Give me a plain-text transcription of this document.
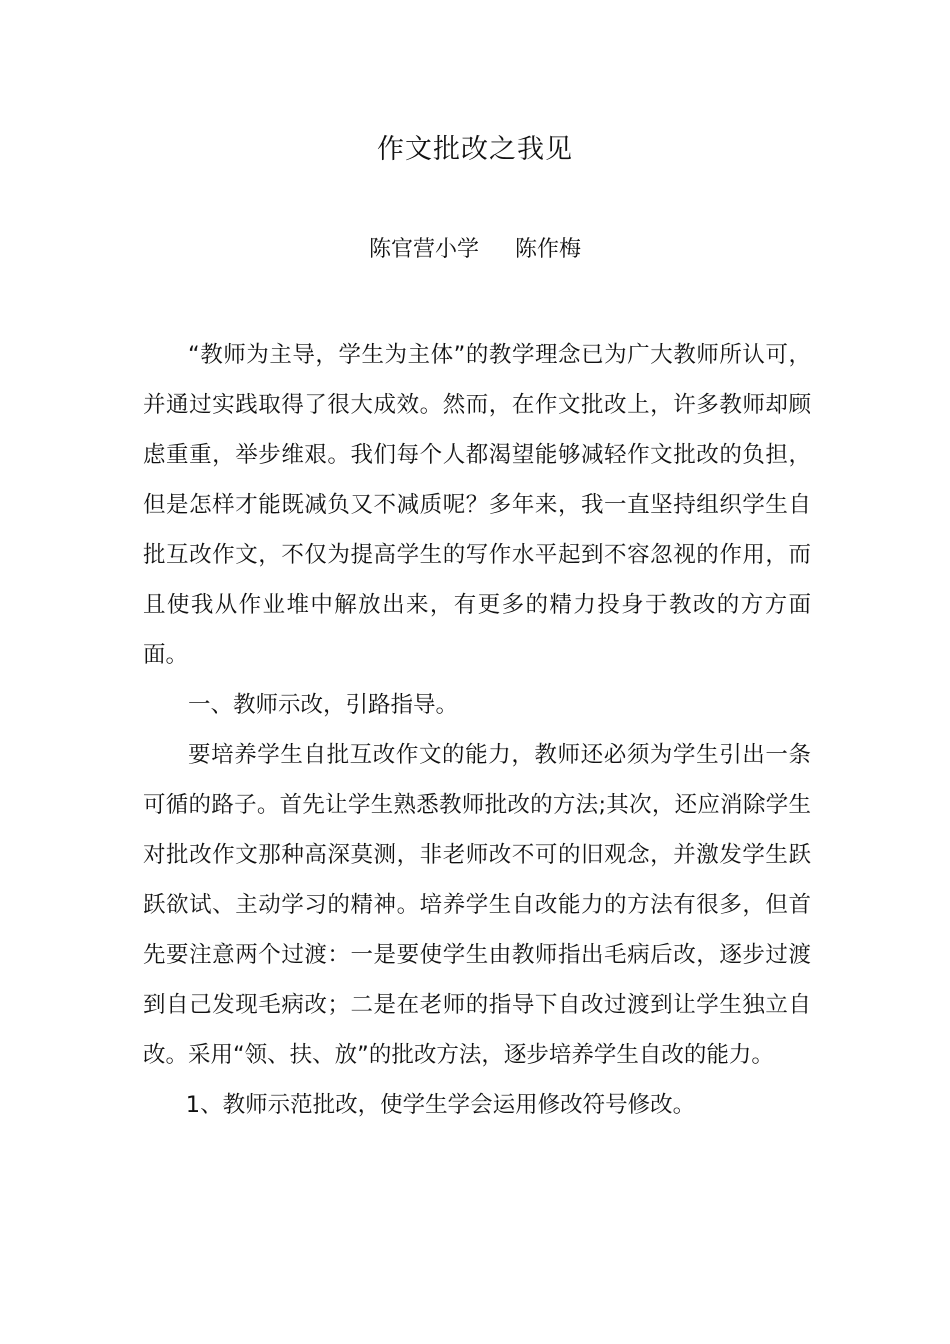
作文批改之我见
陈官营小学 陈作梅

“教师为主导，学生为主体”的教学理念已为广大教师所认可，并通过实践取得了很大成效。然而，在作文批改上，许多教师却顾虑重重，举步维艰。我们每个人都渴望能够减轻作文批改的负担，但是怎样才能既减负又不减质呢？多年来，我一直坚持组织学生自批互改作文，不仅为提高学生的写作水平起到不容忽视的作用，而且使我从作业堆中解放出来，有更多的精力投身于教改的方方面面。

一、教师示改，引路指导。

要培养学生自批互改作文的能力，教师还必须为学生引出一条可循的路子。首先让学生熟悉教师批改的方法;其次，还应消除学生对批改作文那种高深莫测，非老师改不可的旧观念，并激发学生跃跃欲试、主动学习的精神。培养学生自改能力的方法有很多，但首先要注意两个过渡：一是要使学生由教师指出毛病后改，逐步过渡到自己发现毛病改；二是在老师的指导下自改过渡到让学生独立自改。采用“领、扶、放”的批改方法，逐步培养学生自改的能力。

1、教师示范批改，使学生学会运用修改符号修改。
